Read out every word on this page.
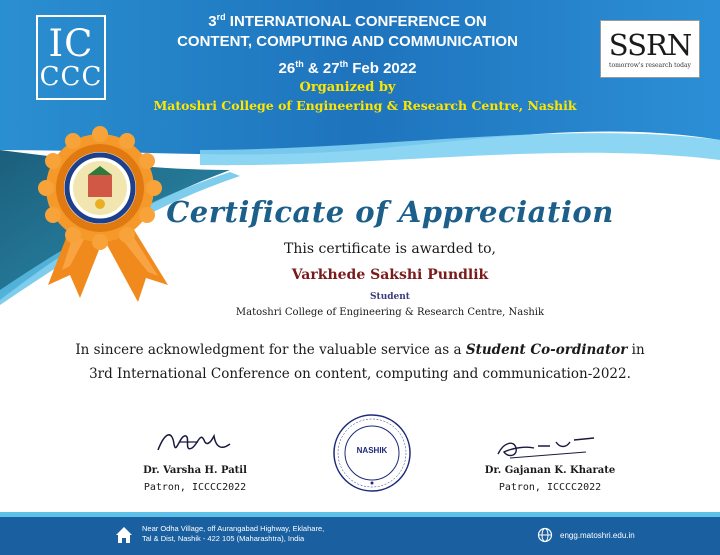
IC
CCC
3rd INTERNATIONAL CONFERENCE ON
CONTENT, COMPUTING AND COMMUNICATION
26th & 27th Feb 2022
Organized by
Matoshri College of Engineering & Research Centre, Nashik
SSRN
tomorrow's research today
Certificate of Appreciation
This certificate is awarded to,
Varkhede Sakshi Pundlik
Student
Matoshri College of Engineering & Research Centre, Nashik
In sincere acknowledgment for the valuable service as a Student Co-ordinator in
3rd International Conference on content, computing and communication-2022.
Dr. Varsha H. Patil
Patron, ICCCC2022
NASHIK
Dr. Gajanan K. Kharate
Patron, ICCCC2022
Near Odha Village, off Aurangabad Highway, Eklahare,
Tal & Dist, Nashik - 422 105 (Maharashtra), India	engg.matoshri.edu.in
